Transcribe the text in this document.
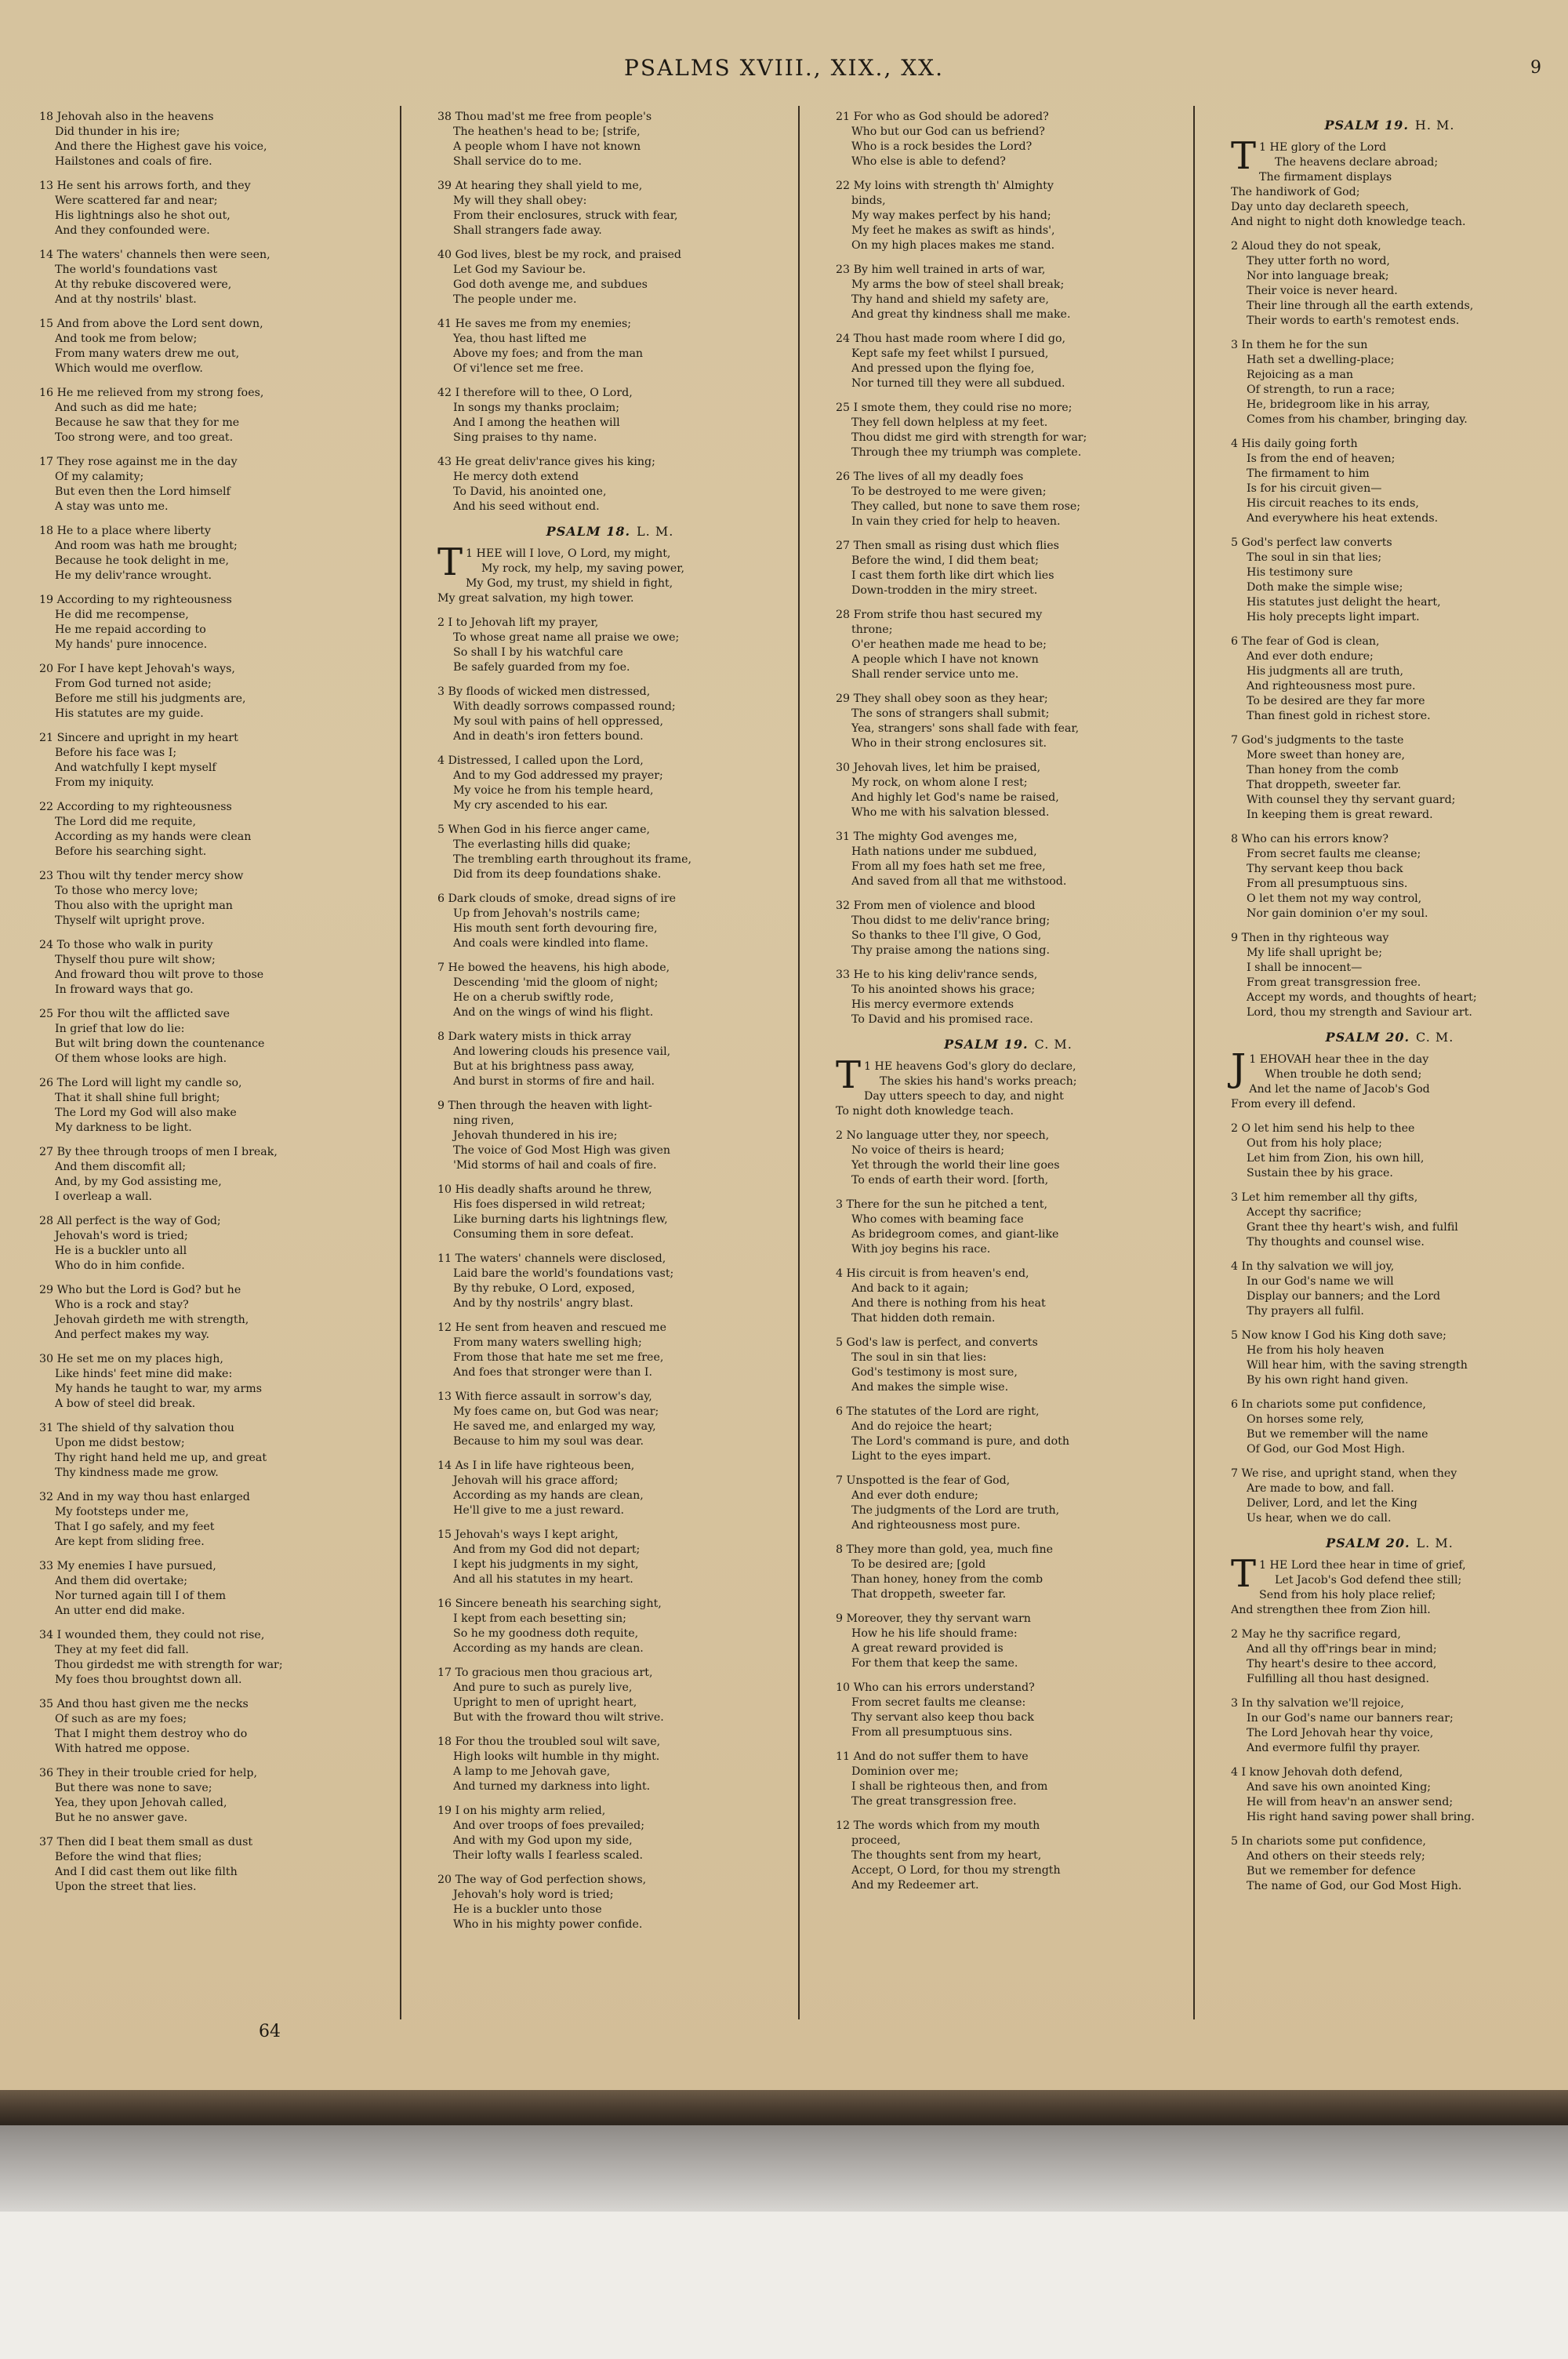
PSALMS XVIII., XIX., XX.	9
18 Jehovah also in the heavens
Did thunder in his ire;
And there the Highest gave his voice,
Hailstones and coals of fire.
13 He sent his arrows forth, and they
Were scattered far and near;
His lightnings also he shot out,
And they confounded were.
14 The waters' channels then were seen,
The world's foundations vast
At thy rebuke discovered were,
And at thy nostrils' blast.
15 And from above the Lord sent down,
And took me from below;
From many waters drew me out,
Which would me overflow.
16 He me relieved from my strong foes,
And such as did me hate;
Because he saw that they for me
Too strong were, and too great.
17 They rose against me in the day
Of my calamity;
But even then the Lord himself
A stay was unto me.
18 He to a place where liberty
And room was hath me brought;
Because he took delight in me,
He my deliv'rance wrought.
19 According to my righteousness
He did me recompense,
He me repaid according to
My hands' pure innocence.
20 For I have kept Jehovah's ways,
From God turned not aside;
Before me still his judgments are,
His statutes are my guide.
21 Sincere and upright in my heart
Before his face was I;
And watchfully I kept myself
From my iniquity.
22 According to my righteousness
The Lord did me requite,
According as my hands were clean
Before his searching sight.
23 Thou wilt thy tender mercy show
To those who mercy love;
Thou also with the upright man
Thyself wilt upright prove.
24 To those who walk in purity
Thyself thou pure wilt show;
And froward thou wilt prove to those
In froward ways that go.
25 For thou wilt the afflicted save
In grief that low do lie:
But wilt bring down the countenance
Of them whose looks are high.
26 The Lord will light my candle so,
That it shall shine full bright;
The Lord my God will also make
My darkness to be light.
27 By thee through troops of men I break,
And them discomfit all;
And, by my God assisting me,
I overleap a wall.
28 All perfect is the way of God;
Jehovah's word is tried;
He is a buckler unto all
Who do in him confide.
29 Who but the Lord is God? but he
Who is a rock and stay?
Jehovah girdeth me with strength,
And perfect makes my way.
30 He set me on my places high,
Like hinds' feet mine did make:
My hands he taught to war, my arms
A bow of steel did break.
31 The shield of thy salvation thou
Upon me didst bestow;
Thy right hand held me up, and great
Thy kindness made me grow.
32 And in my way thou hast enlarged
My footsteps under me,
That I go safely, and my feet
Are kept from sliding free.
33 My enemies I have pursued,
And them did overtake;
Nor turned again till I of them
An utter end did make.
34 I wounded them, they could not rise,
They at my feet did fall.
Thou girdedst me with strength for war;
My foes thou broughtst down all.
35 And thou hast given me the necks
Of such as are my foes;
That I might them destroy who do
With hatred me oppose.
36 They in their trouble cried for help,
But there was none to save;
Yea, they upon Jehovah called,
But he no answer gave.
37 Then did I beat them small as dust
Before the wind that flies;
And I did cast them out like filth
Upon the street that lies.
38 Thou mad'st me free from people's
The heathen's head to be; [strife,
A people whom I have not known
Shall service do to me.
39 At hearing they shall yield to me,
My will they shall obey:
From their enclosures, struck with fear,
Shall strangers fade away.
40 God lives, blest be my rock, and praised
Let God my Saviour be.
God doth avenge me, and subdues
The people under me.
41 He saves me from my enemies;
Yea, thou hast lifted me
Above my foes; and from the man
Of vi'lence set me free.
42 I therefore will to thee, O Lord,
In songs my thanks proclaim;
And I among the heathen will
Sing praises to thy name.
43 He great deliv'rance gives his king;
He mercy doth extend
To David, his anointed one,
And his seed without end.
PSALM 18. L. M.
T 1 HEE will I love, O Lord, my might,
My rock, my help, my saving power,
My God, my trust, my shield in fight,
My great salvation, my high tower.
2 I to Jehovah lift my prayer,
To whose great name all praise we owe;
So shall I by his watchful care
Be safely guarded from my foe.
3 By floods of wicked men distressed,
With deadly sorrows compassed round;
My soul with pains of hell oppressed,
And in death's iron fetters bound.
4 Distressed, I called upon the Lord,
And to my God addressed my prayer;
My voice he from his temple heard,
My cry ascended to his ear.
5 When God in his fierce anger came,
The everlasting hills did quake;
The trembling earth throughout its frame,
Did from its deep foundations shake.
6 Dark clouds of smoke, dread signs of ire
Up from Jehovah's nostrils came;
His mouth sent forth devouring fire,
And coals were kindled into flame.
7 He bowed the heavens, his high abode,
Descending 'mid the gloom of night;
He on a cherub swiftly rode,
And on the wings of wind his flight.
8 Dark watery mists in thick array
And lowering clouds his presence vail,
But at his brightness pass away,
And burst in storms of fire and hail.
9 Then through the heaven with light-
ning riven,
Jehovah thundered in his ire;
The voice of God Most High was given
'Mid storms of hail and coals of fire.
10 His deadly shafts around he threw,
His foes dispersed in wild retreat;
Like burning darts his lightnings flew,
Consuming them in sore defeat.
11 The waters' channels were disclosed,
Laid bare the world's foundations vast;
By thy rebuke, O Lord, exposed,
And by thy nostrils' angry blast.
12 He sent from heaven and rescued me
From many waters swelling high;
From those that hate me set me free,
And foes that stronger were than I.
13 With fierce assault in sorrow's day,
My foes came on, but God was near;
He saved me, and enlarged my way,
Because to him my soul was dear.
14 As I in life have righteous been,
Jehovah will his grace afford;
According as my hands are clean,
He'll give to me a just reward.
15 Jehovah's ways I kept aright,
And from my God did not depart;
I kept his judgments in my sight,
And all his statutes in my heart.
16 Sincere beneath his searching sight,
I kept from each besetting sin;
So he my goodness doth requite,
According as my hands are clean.
17 To gracious men thou gracious art,
And pure to such as purely live,
Upright to men of upright heart,
But with the froward thou wilt strive.
18 For thou the troubled soul wilt save,
High looks wilt humble in thy might.
A lamp to me Jehovah gave,
And turned my darkness into light.
19 I on his mighty arm relied,
And over troops of foes prevailed;
And with my God upon my side,
Their lofty walls I fearless scaled.
20 The way of God perfection shows,
Jehovah's holy word is tried;
He is a buckler unto those
Who in his mighty power confide.
21 For who as God should be adored?
Who but our God can us befriend?
Who is a rock besides the Lord?
Who else is able to defend?
22 My loins with strength th' Almighty
binds,
My way makes perfect by his hand;
My feet he makes as swift as hinds',
On my high places makes me stand.
23 By him well trained in arts of war,
My arms the bow of steel shall break;
Thy hand and shield my safety are,
And great thy kindness shall me make.
24 Thou hast made room where I did go,
Kept safe my feet whilst I pursued,
And pressed upon the flying foe,
Nor turned till they were all subdued.
25 I smote them, they could rise no more;
They fell down helpless at my feet.
Thou didst me gird with strength for war;
Through thee my triumph was complete.
26 The lives of all my deadly foes
To be destroyed to me were given;
They called, but none to save them rose;
In vain they cried for help to heaven.
27 Then small as rising dust which flies
Before the wind, I did them beat;
I cast them forth like dirt which lies
Down-trodden in the miry street.
28 From strife thou hast secured my
throne;
O'er heathen made me head to be;
A people which I have not known
Shall render service unto me.
29 They shall obey soon as they hear;
The sons of strangers shall submit;
Yea, strangers' sons shall fade with fear,
Who in their strong enclosures sit.
30 Jehovah lives, let him be praised,
My rock, on whom alone I rest;
And highly let God's name be raised,
Who me with his salvation blessed.
31 The mighty God avenges me,
Hath nations under me subdued,
From all my foes hath set me free,
And saved from all that me withstood.
32 From men of violence and blood
Thou didst to me deliv'rance bring;
So thanks to thee I'll give, O God,
Thy praise among the nations sing.
33 He to his king deliv'rance sends,
To his anointed shows his grace;
His mercy evermore extends
To David and his promised race.
PSALM 19. C. M.
T 1 HE heavens God's glory do declare,
The skies his hand's works preach;
Day utters speech to day, and night
To night doth knowledge teach.
2 No language utter they, nor speech,
No voice of theirs is heard;
Yet through the world their line goes
To ends of earth their word. [forth,
3 There for the sun he pitched a tent,
Who comes with beaming face
As bridegroom comes, and giant-like
With joy begins his race.
4 His circuit is from heaven's end,
And back to it again;
And there is nothing from his heat
That hidden doth remain.
5 God's law is perfect, and converts
The soul in sin that lies:
God's testimony is most sure,
And makes the simple wise.
6 The statutes of the Lord are right,
And do rejoice the heart;
The Lord's command is pure, and doth
Light to the eyes impart.
7 Unspotted is the fear of God,
And ever doth endure;
The judgments of the Lord are truth,
And righteousness most pure.
8 They more than gold, yea, much fine
To be desired are; [gold
Than honey, honey from the comb
That droppeth, sweeter far.
9 Moreover, they thy servant warn
How he his life should frame:
A great reward provided is
For them that keep the same.
10 Who can his errors understand?
From secret faults me cleanse:
Thy servant also keep thou back
From all presumptuous sins.
11 And do not suffer them to have
Dominion over me;
I shall be righteous then, and from
The great transgression free.
12 The words which from my mouth
proceed,
The thoughts sent from my heart,
Accept, O Lord, for thou my strength
And my Redeemer art.
PSALM 19. H. M.
T 1 HE glory of the Lord
The heavens declare abroad;
The firmament displays
The handiwork of God;
Day unto day declareth speech,
And night to night doth knowledge teach.
2 Aloud they do not speak,
They utter forth no word,
Nor into language break;
Their voice is never heard.
Their line through all the earth extends,
Their words to earth's remotest ends.
3 In them he for the sun
Hath set a dwelling-place;
Rejoicing as a man
Of strength, to run a race;
He, bridegroom like in his array,
Comes from his chamber, bringing day.
4 His daily going forth
Is from the end of heaven;
The firmament to him
Is for his circuit given—
His circuit reaches to its ends,
And everywhere his heat extends.
5 God's perfect law converts
The soul in sin that lies;
His testimony sure
Doth make the simple wise;
His statutes just delight the heart,
His holy precepts light impart.
6 The fear of God is clean,
And ever doth endure;
His judgments all are truth,
And righteousness most pure.
To be desired are they far more
Than finest gold in richest store.
7 God's judgments to the taste
More sweet than honey are,
Than honey from the comb
That droppeth, sweeter far.
With counsel they thy servant guard;
In keeping them is great reward.
8 Who can his errors know?
From secret faults me cleanse;
Thy servant keep thou back
From all presumptuous sins.
O let them not my way control,
Nor gain dominion o'er my soul.
9 Then in thy righteous way
My life shall upright be;
I shall be innocent—
From great transgression free.
Accept my words, and thoughts of heart;
Lord, thou my strength and Saviour art.
PSALM 20. C. M.
J 1 EHOVAH hear thee in the day
When trouble he doth send;
And let the name of Jacob's God
From every ill defend.
2 O let him send his help to thee
Out from his holy place;
Let him from Zion, his own hill,
Sustain thee by his grace.
3 Let him remember all thy gifts,
Accept thy sacrifice;
Grant thee thy heart's wish, and fulfil
Thy thoughts and counsel wise.
4 In thy salvation we will joy,
In our God's name we will
Display our banners; and the Lord
Thy prayers all fulfil.
5 Now know I God his King doth save;
He from his holy heaven
Will hear him, with the saving strength
By his own right hand given.
6 In chariots some put confidence,
On horses some rely,
But we remember will the name
Of God, our God Most High.
7 We rise, and upright stand, when they
Are made to bow, and fall.
Deliver, Lord, and let the King
Us hear, when we do call.
PSALM 20. L. M.
T 1 HE Lord thee hear in time of grief,
Let Jacob's God defend thee still;
Send from his holy place relief;
And strengthen thee from Zion hill.
2 May he thy sacrifice regard,
And all thy off'rings bear in mind;
Thy heart's desire to thee accord,
Fulfilling all thou hast designed.
3 In thy salvation we'll rejoice,
In our God's name our banners rear;
The Lord Jehovah hear thy voice,
And evermore fulfil thy prayer.
4 I know Jehovah doth defend,
And save his own anointed King;
He will from heav'n an answer send;
His right hand saving power shall bring.
5 In chariots some put confidence,
And others on their steeds rely;
But we remember for defence
The name of God, our God Most High.
64
